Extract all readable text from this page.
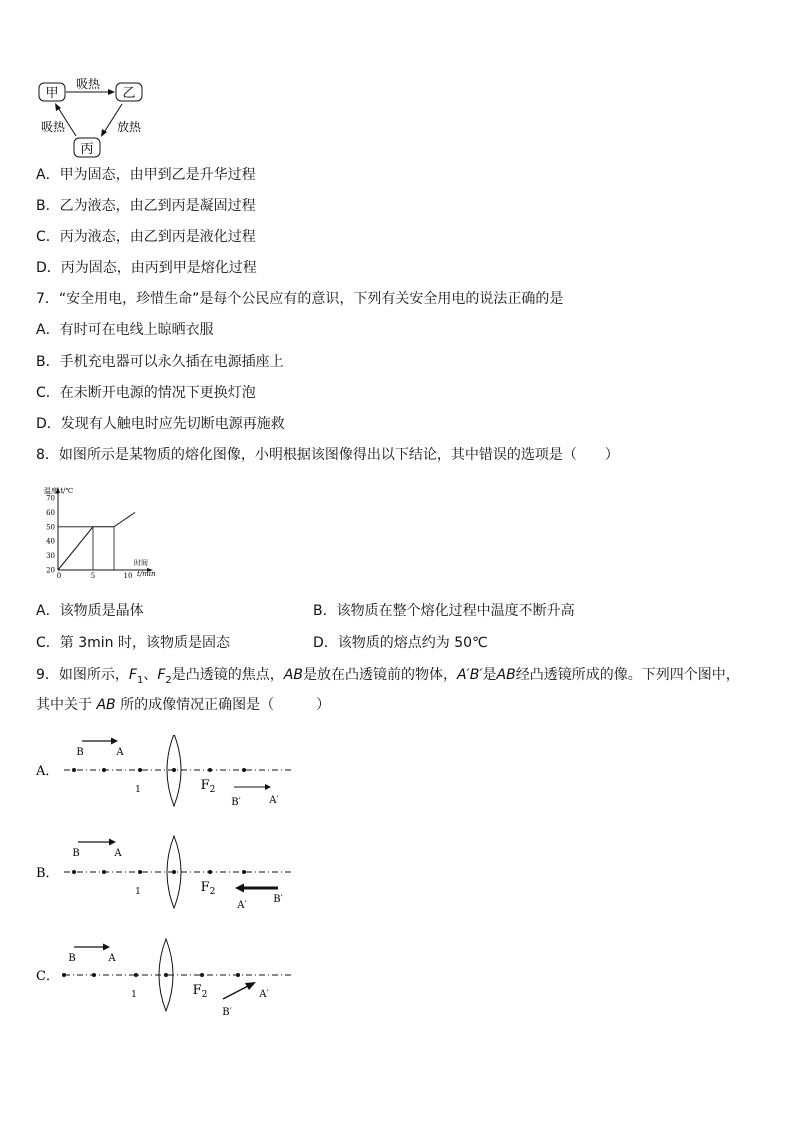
甲	乙
丙
吸热
吸热	放热
A．甲为固态，由甲到乙是升华过程
B．乙为液态，由乙到丙是凝固过程
C．丙为液态，由乙到丙是液化过程
D．丙为固态，由丙到甲是熔化过程
7．“安全用电，珍惜生命”是每个公民应有的意识，下列有关安全用电的说法正确的是
A．有时可在电线上晾晒衣服
B．手机充电器可以永久插在电源插座上
C．在未断开电源的情况下更换灯泡
D．发现有人触电时应先切断电源再施救
8．如图所示是某物质的熔化图像，小明根据该图像得出以下结论，其中错误的选项是（　　）
温度 t/℃
时间
t/min
20
30
40
50
60
70
0	5	10
A．该物质是晶体	B．该物质在整个熔化过程中温度不断升高
C．第 3min 时，该物质是固态	D．该物质的熔点约为 50℃
9．如图所示，$F_1$、$F_2$是凸透镜的焦点，AB是放在凸透镜前的物体，A′B′是AB经凸透镜所成的像。下列四个图中，
其中关于 AB 所的成像情况正确图是（　　　）
A．
$_1$	$F_2$
B	A
B′	A′
B．
$_1$	$F_2$
B	A
A′
B′
C．
$_1$	$F_2$
B	A
B′
A′
